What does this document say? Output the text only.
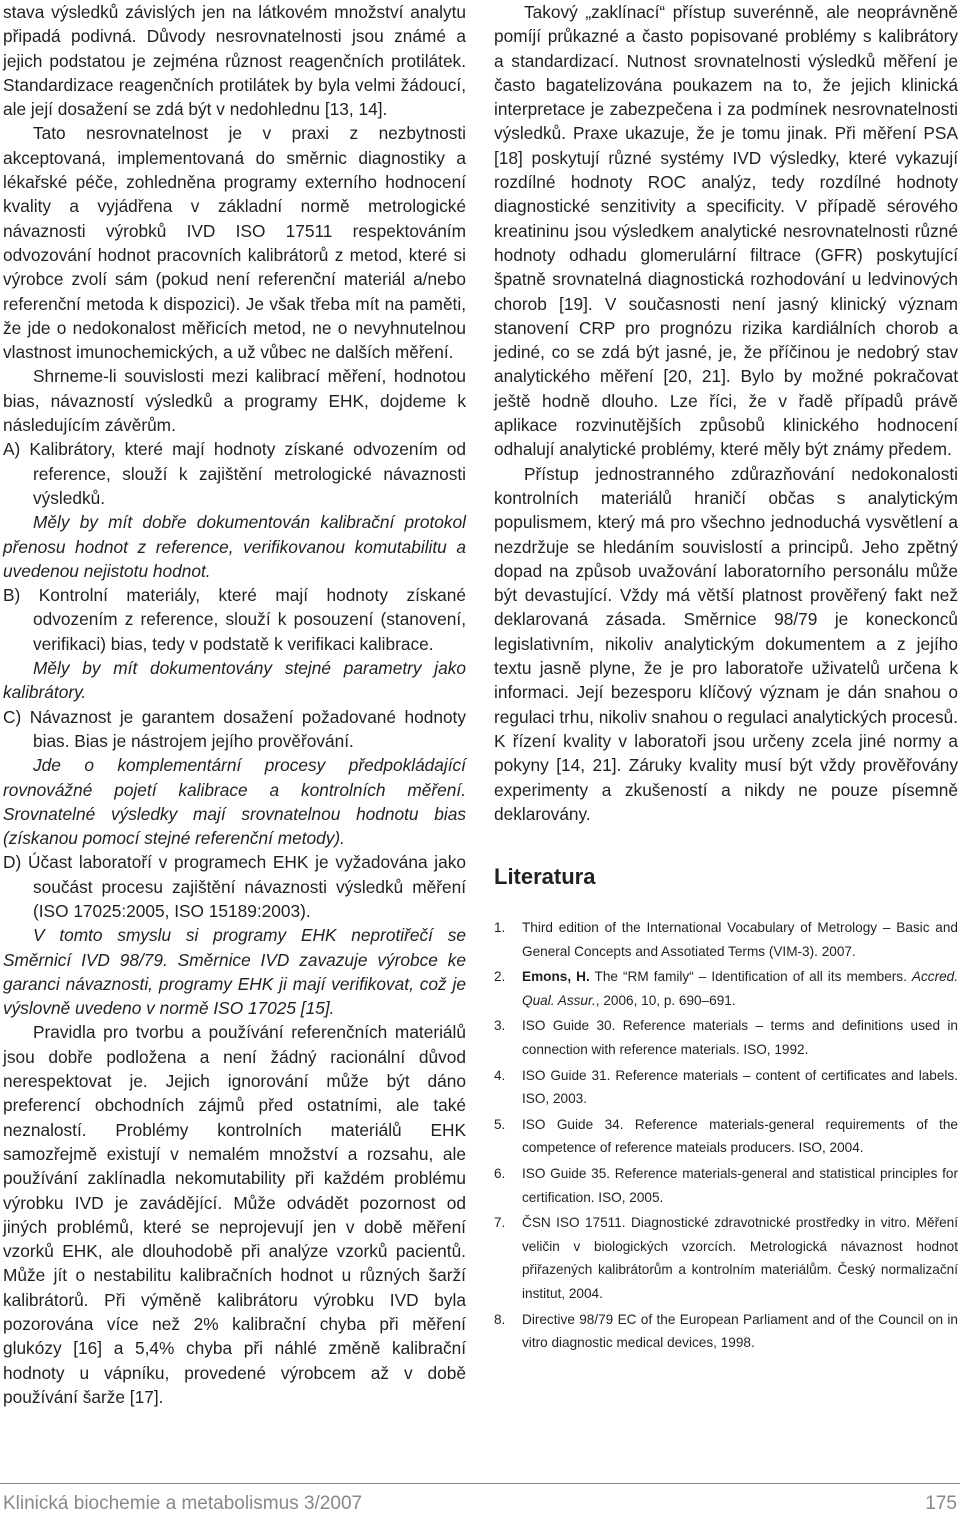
stava výsledků závislých jen na látkovém množství analytu připadá podivná. Důvody nesrovnatelnosti jsou známé a jejich podstatou je zejména různost reagenčních protilátek. Standardizace reagenčních protilátek by byla velmi žádoucí, ale její dosažení se zdá být v nedohlednu [13, 14].

Tato nesrovnatelnost je v praxi z nezbytnosti akceptovaná, implementovaná do směrnic diagnostiky a lékařské péče, zohledněna programy externího hodnocení kvality a vyjádřena v základní normě metrologické návaznosti výrobků IVD ISO 17511 respektováním odvozování hodnot pracovních kalibrátorů z metod, které si výrobce zvolí sám (pokud není referenční materiál a/nebo referenční metoda k dispozici). Je však třeba mít na paměti, že jde o nedokonalost měřicích metod, ne o nevyhnutelnou vlastnost imunochemických, a už vůbec ne dalších měření.

Shrneme-li souvislosti mezi kalibrací měření, hodnotou bias, návazností výsledků a programy EHK, dojdeme k následujícím závěrům.

A) Kalibrátory, které mají hodnoty získané odvozením od reference, slouží k zajištění metrologické návaznosti výsledků.

Měly by mít dobře dokumentován kalibrační protokol přenosu hodnot z reference, verifikovanou komutabilitu a uvedenou nejistotu hodnot.

B) Kontrolní materiály, které mají hodnoty získané odvozením z reference, slouží k posouzení (stanovení, verifikaci) bias, tedy v podstatě k verifikaci kalibrace.

Měly by mít dokumentovány stejné parametry jako kalibrátory.

C) Návaznost je garantem dosažení požadované hodnoty bias. Bias je nástrojem jejího prověřování.

Jde o komplementární procesy předpokládající rovnovážné pojetí kalibrace a kontrolních měření. Srovnatelné výsledky mají srovnatelnou hodnotu bias (získanou pomocí stejné referenční metody).

D) Účast laboratoří v programech EHK je vyžadována jako součást procesu zajištění návaznosti výsledků měření (ISO 17025:2005, ISO 15189:2003).

V tomto smyslu si programy EHK neprotiřečí se Směrnicí IVD 98/79. Směrnice IVD zavazuje výrobce ke garanci návaznosti, programy EHK ji mají verifikovat, což je výslovně uvedeno v normě ISO 17025 [15].

Pravidla pro tvorbu a používání referenčních materiálů jsou dobře podložena a není žádný racionální důvod nerespektovat je. Jejich ignorování může být dáno preferencí obchodních zájmů před ostatními, ale také neznalostí. Problémy kontrolních materiálů EHK samozřejmě existují v nemalém množství a rozsahu, ale používání zaklínadla nekomutability při každém problému výrobku IVD je zavádějící. Může odvádět pozornost od jiných problémů, které se neprojevují jen v době měření vzorků EHK, ale dlouhodobě při analýze vzorků pacientů. Může jít o nestabilitu kalibračních hodnot u různých šarží kalibrátorů. Při výměně kalibrátoru výrobku IVD byla pozorována více než 2% kalibrační chyba při měření glukózy [16] a 5,4% chyba při náhlé změně kalibrační hodnoty u vápníku, provedené výrobcem až v době používání šarže [17].

Takový „zaklínací“ přístup suverénně, ale neoprávněně pomíjí průkazné a často popisované problémy s kalibrátory a standardizací. Nutnost srovnatelnosti výsledků měření je často bagatelizována poukazem na to, že jejich klinická interpretace je zabezpečena i za podmínek nesrovnatelnosti výsledků. Praxe ukazuje, že je tomu jinak. Při měření PSA [18] poskytují různé systémy IVD výsledky, které vykazují rozdílné hodnoty ROC analýz, tedy rozdílné hodnoty diagnostické senzitivity a specificity. V případě sérového kreatininu jsou výsledkem analytické nesrovnatelnosti různé hodnoty odhadu glomerulární filtrace (GFR) poskytující špatně srovnatelná diagnostická rozhodování u ledvinových chorob [19]. V současnosti není jasný klinický význam stanovení CRP pro prognózu rizika kardiálních chorob a jediné, co se zdá být jasné, je, že příčinou je nedobrý stav analytického měření [20, 21]. Bylo by možné pokračovat ještě hodně dlouho. Lze říci, že v řadě případů právě aplikace rozvinutějších způsobů klinického hodnocení odhalují analytické problémy, které měly být známy předem.

Přístup jednostranného zdůrazňování nedokonalosti kontrolních materiálů hraničí občas s analytickým populismem, který má pro všechno jednoduchá vysvětlení a nezdržuje se hledáním souvislostí a principů. Jeho zpětný dopad na způsob uvažování laboratorního personálu může být devastující. Vždy má větší platnost prověřený fakt než deklarovaná zásada. Směrnice 98/79 je koneckonců legislativním, nikoliv analytickým dokumentem a z jejího textu jasně plyne, že je pro laboratoře uživatelů určena k informaci. Její bezesporu klíčový význam je dán snahou o regulaci trhu, nikoliv snahou o regulaci analytických procesů. K řízení kvality v laboratoři jsou určeny zcela jiné normy a pokyny [14, 21]. Záruky kvality musí být vždy prověřovány experimenty a zkušeností a nikdy ne pouze písemně deklarovány.

Literatura
1.	Third edition of the International Vocabulary of Metrology – Basic and General Concepts and Assotiated Terms (VIM-3). 2007.
2.	Emons, H. The “RM family“ – Identification of all its members. Accred. Qual. Assur., 2006, 10, p. 690–691.
3.	ISO Guide 30. Reference materials – terms and definitions used in connection with reference materials. ISO, 1992.
4.	ISO Guide 31. Reference materials – content of certificates and labels. ISO, 2003.
5.	ISO Guide 34. Reference materials-general requirements of the competence of reference mateials producers. ISO, 2004.
6.	ISO Guide 35. Reference materials-general and statistical principles for certification. ISO, 2005.
7.	ČSN ISO 17511. Diagnostické zdravotnické prostředky in vitro. Měření veličin v biologických vzorcích. Metrologická návaznost hodnot přiřazených kalibrátorům a kontrolním materiálům. Český normalizační institut, 2004.
8.	Directive 98/79 EC of the European Parliament and of the Council on in vitro diagnostic medical devices, 1998.
Klinická biochemie a metabolismus 3/2007	175
